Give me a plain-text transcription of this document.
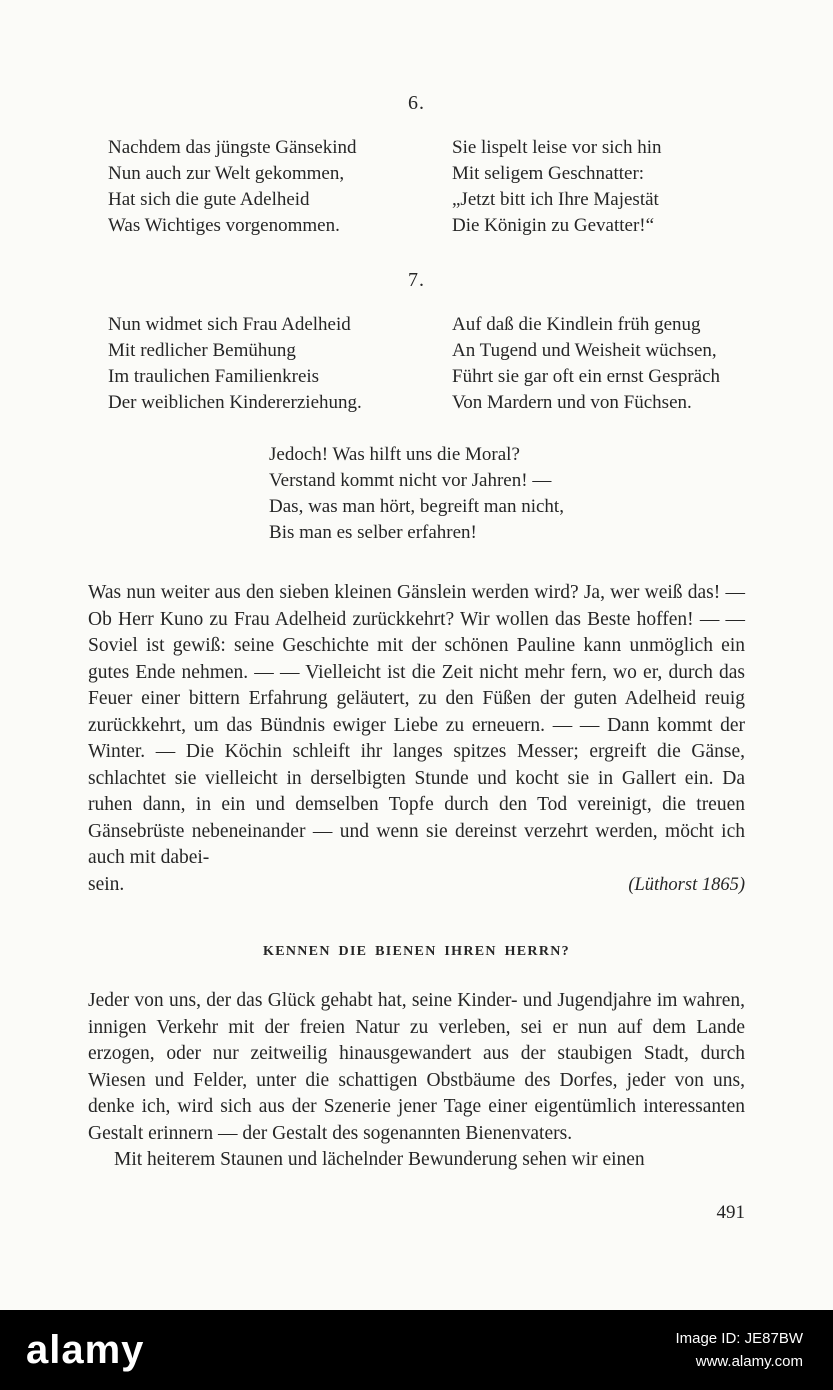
6.
Nachdem das jüngste Gänsekind
Nun auch zur Welt gekommen,
Hat sich die gute Adelheid
Was Wichtiges vorgenommen.
Sie lispelt leise vor sich hin
Mit seligem Geschnatter:
„Jetzt bitt ich Ihre Majestät
Die Königin zu Gevatter!“
7.
Nun widmet sich Frau Adelheid
Mit redlicher Bemühung
Im traulichen Familienkreis
Der weiblichen Kindererziehung.
Auf daß die Kindlein früh genug
An Tugend und Weisheit wüchsen,
Führt sie gar oft ein ernst Gespräch
Von Mardern und von Füchsen.
Jedoch! Was hilft uns die Moral?
Verstand kommt nicht vor Jahren! —
Das, was man hört, begreift man nicht,
Bis man es selber erfahren!

Was nun weiter aus den sieben kleinen Gänslein werden wird? Ja, wer weiß das! — Ob Herr Kuno zu Frau Adelheid zurückkehrt? Wir wollen das Beste hoffen! — — Soviel ist gewiß: seine Geschichte mit der schönen Pauline kann unmöglich ein gutes Ende nehmen. — — Vielleicht ist die Zeit nicht mehr fern, wo er, durch das Feuer einer bittern Erfahrung geläutert, zu den Füßen der guten Adelheid reuig zurückkehrt, um das Bündnis ewiger Liebe zu erneuern. — — Dann kommt der Winter. — Die Köchin schleift ihr langes spitzes Messer; ergreift die Gänse, schlachtet sie vielleicht in derselbigten Stunde und kocht sie in Gallert ein. Da ruhen dann, in ein und demselben Topfe durch den Tod vereinigt, die treuen Gänsebrüste nebeneinander — und wenn sie dereinst verzehrt werden, möcht ich auch mit dabei-

sein.	(Lüthorst 1865)
KENNEN DIE BIENEN IHREN HERRN?

Jeder von uns, der das Glück gehabt hat, seine Kinder- und Jugendjahre im wahren, innigen Verkehr mit der freien Natur zu verleben, sei er nun auf dem Lande erzogen, oder nur zeitweilig hinausgewandert aus der staubigen Stadt, durch Wiesen und Felder, unter die schattigen Obstbäume des Dorfes, jeder von uns, denke ich, wird sich aus der Szenerie jener Tage einer eigentümlich interessanten Gestalt erinnern — der Gestalt des sogenannten Bienenvaters.

Mit heiterem Staunen und lächelnder Bewunderung sehen wir einen

491
alamy	Image ID: JE87BW
www.alamy.com
